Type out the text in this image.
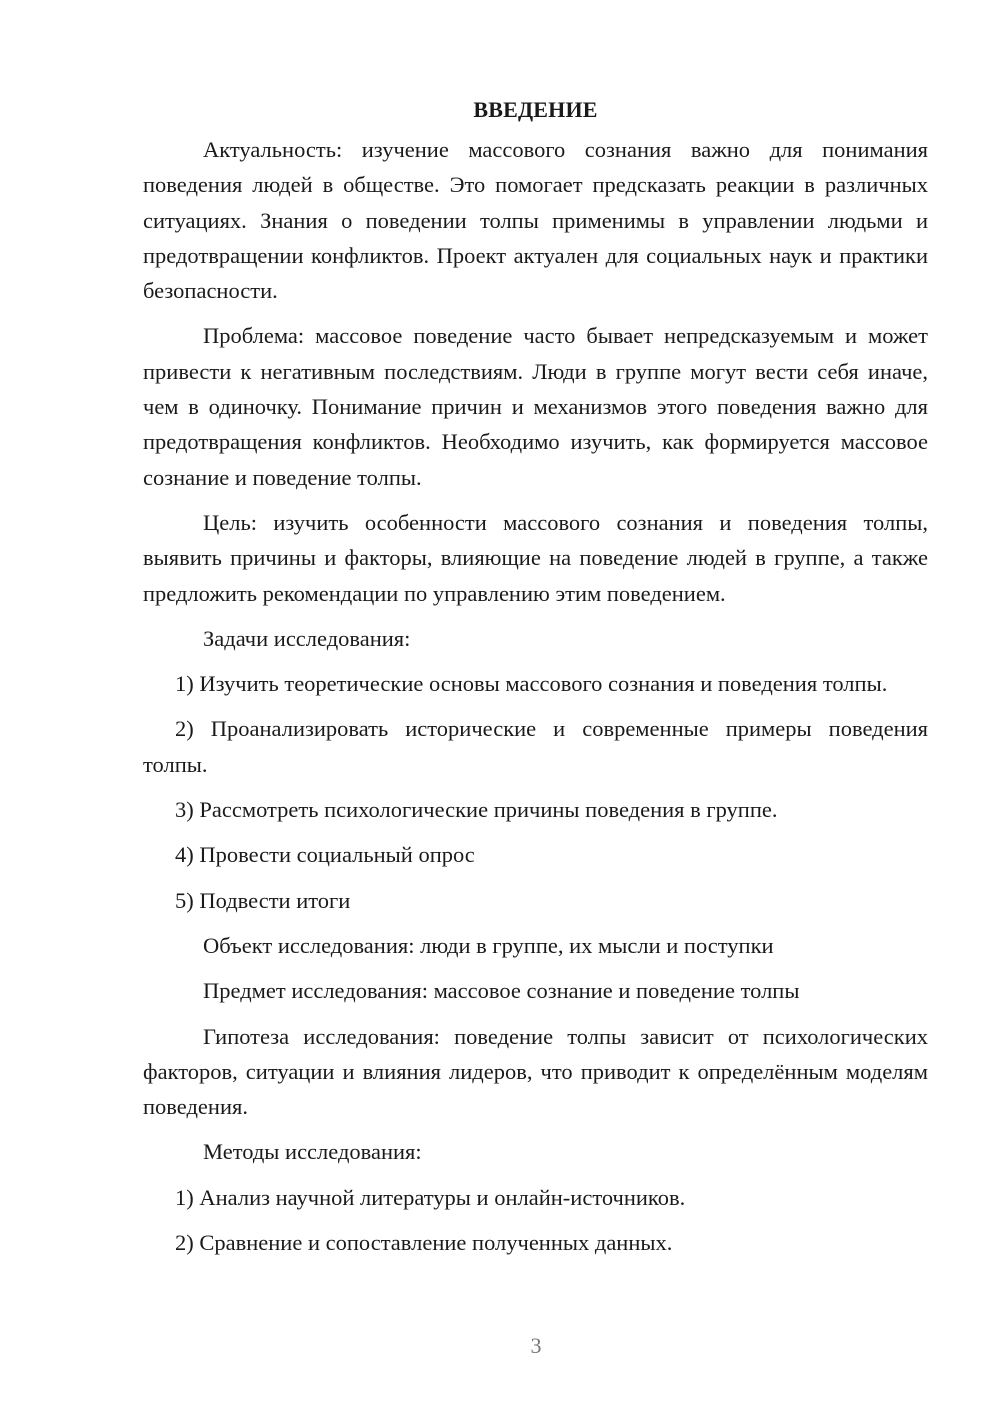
ВВЕДЕНИЕ

Актуальность: изучение массового сознания важно для понимания поведения людей в обществе. Это помогает предсказать реакции в различных ситуациях. Знания о поведении толпы применимы в управлении людьми и предотвращении конфликтов. Проект актуален для социальных наук и практики безопасности.

Проблема: массовое поведение часто бывает непредсказуемым и может привести к негативным последствиям. Люди в группе могут вести себя иначе, чем в одиночку. Понимание причин и механизмов этого поведения важно для предотвращения конфликтов. Необходимо изучить, как формируется массовое сознание и поведение толпы.

Цель: изучить особенности массового сознания и поведения толпы, выявить причины и факторы, влияющие на поведение людей в группе, а также предложить рекомендации по управлению этим поведением.

Задачи исследования:

1) Изучить теоретические основы массового сознания и поведения толпы.

2) Проанализировать исторические и современные примеры поведения толпы.

3) Рассмотреть психологические причины поведения в группе.

4) Провести социальный опрос

5) Подвести итоги

Объект исследования: люди в группе, их мысли и поступки

Предмет исследования: массовое сознание и поведение толпы

Гипотеза исследования: поведение толпы зависит от психологических факторов, ситуации и влияния лидеров, что приводит к определённым моделям поведения.

Методы исследования:

1) Анализ научной литературы и онлайн-источников.

2) Сравнение и сопоставление полученных данных.

3
